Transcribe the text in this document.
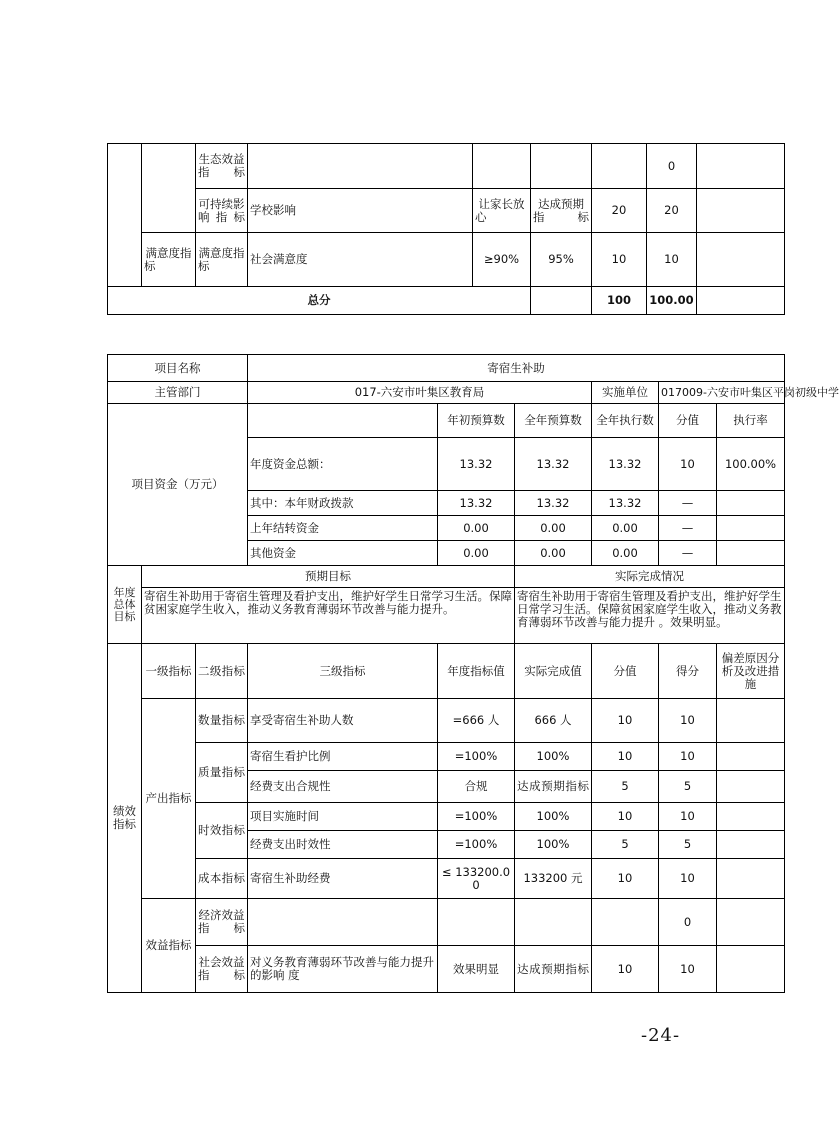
		生态效益指标					0	
		可持续影响指标	学校影响	让家长放心	达成预期指标	20	20	
	满意度指标	满意度指标	社会满意度	≥90%	95%	10	10	
总分						100	100.00	
项目名称			寄宿生补助						
主管部门			017-六安市叶集区教育局			实施单位	017009-六安市叶集区平岗初级中学		
项目资金（万元）				年初预算数	全年预算数	全年执行数	分值	执行率	
			年度资金总额：	13.32	13.32	13.32	10	100.00%	
			其中：本年财政拨款	13.32	13.32	13.32	—		
			上年结转资金	0.00	0.00	0.00	—		
			其他资金	0.00	0.00	0.00	—		
年度总体目标	预期目标				实际完成情况				
	寄宿生补助用于寄宿生管理及看护支出，维护好学生日常学习生活。保障 贫困家庭学生收入，推动义务教育薄弱环节改善与能力提升。				寄宿生补助用于寄宿生管理及看护支出，维护好学生日常学习生活。保障贫困家庭学生收入，推动义务教育薄弱环节改善与能力提升 。效果明显。				
绩效指标	一级指标	二级指标	三级指标	年度指标值	实际完成值	分值	得分	偏差原因分析及改进措施	
	产出指标	数量指标	享受寄宿生补助人数	=666 人	666 人	10	10		
		质量指标	寄宿生看护比例	=100%	100%	10	10		
			经费支出合规性	合规	达成预期指标	5	5		
		时效指标	项目实施时间	=100%	100%	10	10		
			经费支出时效性	=100%	100%	5	5		
		成本指标	寄宿生补助经费	≤ 133200.00	133200 元	10	10		
	效益指标	经济效益指标					0		
		社会效益指标	对义务教育薄弱环节改善与能力提升的影响 度	效果明显	达成预期指标	10	10		
-24-
